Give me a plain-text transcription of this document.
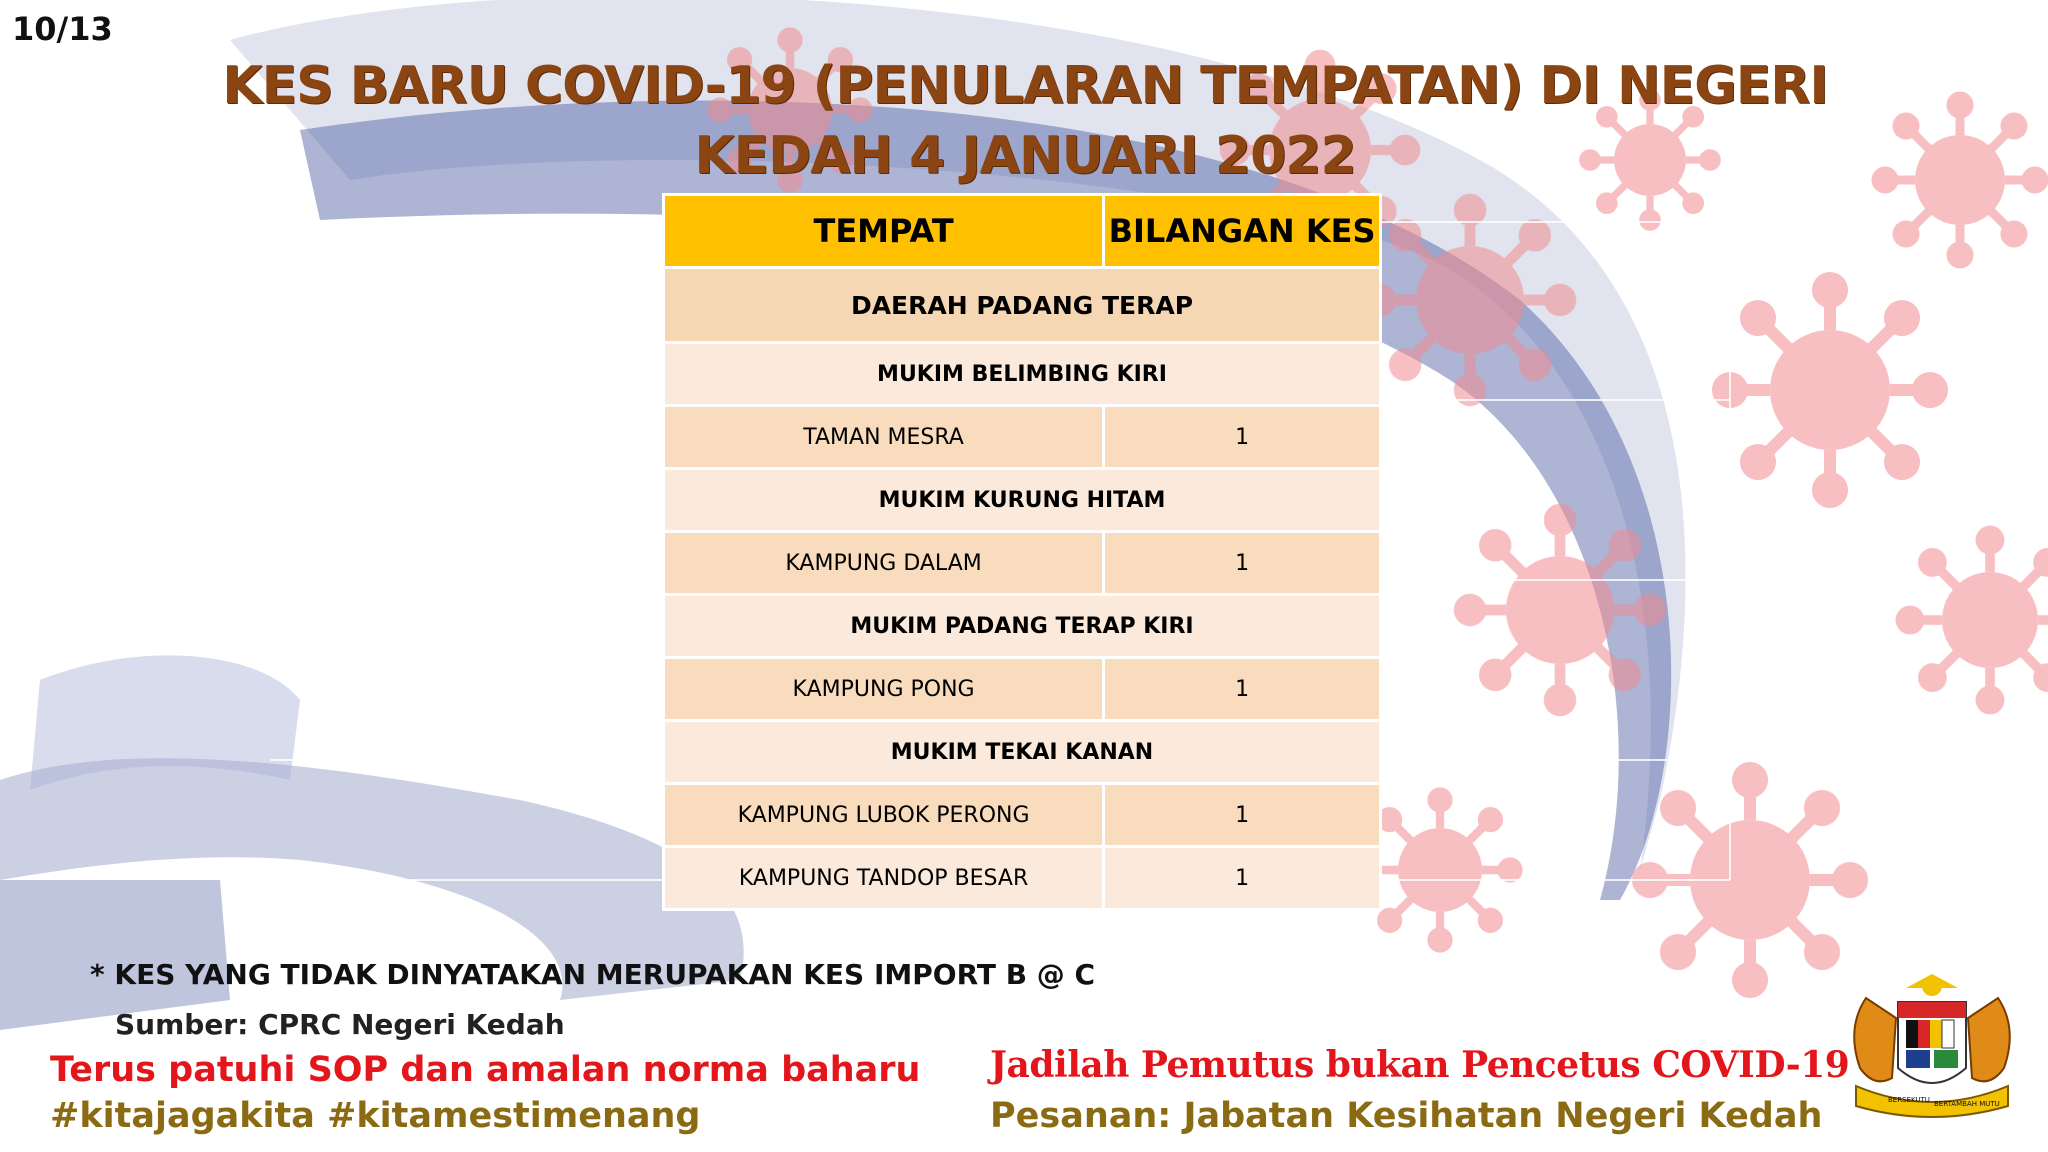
10/13
KES BARU COVID-19 (PENULARAN TEMPATAN) DI NEGERI
KEDAH 4 JANUARI 2022
TEMPAT	BILANGAN KES
DAERAH PADANG TERAP	
MUKIM BELIMBING KIRI	
TAMAN MESRA	1
MUKIM KURUNG HITAM	
KAMPUNG DALAM	1
MUKIM PADANG TERAP KIRI	
KAMPUNG PONG	1
MUKIM TEKAI KANAN	
KAMPUNG LUBOK PERONG	1
KAMPUNG TANDOP BESAR	1
* KES YANG TIDAK DINYATAKAN MERUPAKAN KES IMPORT B @ C
Sumber: CPRC Negeri Kedah
Terus patuhi SOP dan amalan norma baharu
#kitajagakita #kitamestimenang
Jadilah Pemutus bukan Pencetus COVID-19
Pesanan: Jabatan Kesihatan Negeri Kedah	BERSEKUTU BERTAMBAH MUTU
